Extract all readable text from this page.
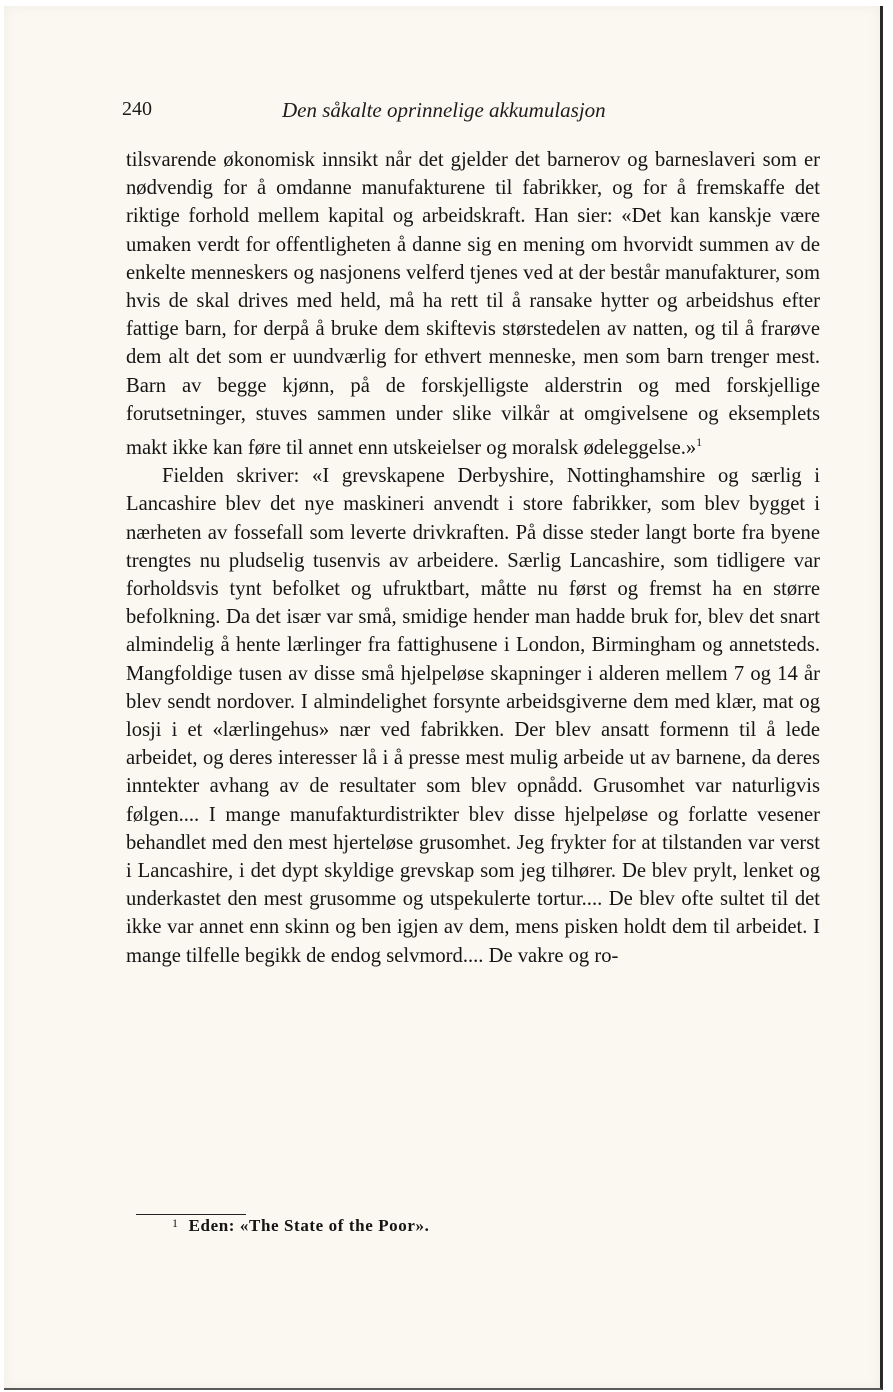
240	Den såkalte oprinnelige akkumulasjon

tilsvarende økonomisk innsikt når det gjelder det barnerov og barneslaveri som er nødvendig for å omdanne manufakturene til fabrikker, og for å fremskaffe det riktige forhold mellem kapital og arbeidskraft. Han sier: «Det kan kanskje være umaken verdt for offentligheten å danne sig en mening om hvorvidt summen av de enkelte menneskers og nasjonens velferd tjenes ved at der består manufakturer, som hvis de skal drives med held, må ha rett til å ransake hytter og arbeidshus efter fattige barn, for derpå å bruke dem skiftevis størstedelen av natten, og til å frarøve dem alt det som er uundværlig for ethvert menneske, men som barn trenger mest. Barn av begge kjønn, på de forskjelligste alderstrin og med forskjellige forutsetninger, stuves sammen under slike vilkår at omgivelsene og eksemplets makt ikke kan føre til annet enn utskeielser og moralsk ødeleggelse.»$^1$

Fielden skriver: «I grevskapene Derbyshire, Nottinghamshire og særlig i Lancashire blev det nye maskineri anvendt i store fabrikker, som blev bygget i nærheten av fossefall som leverte drivkraften. På disse steder langt borte fra byene trengtes nu pludselig tusenvis av arbeidere. Særlig Lancashire, som tidligere var forholdsvis tynt befolket og ufruktbart, måtte nu først og fremst ha en større befolkning. Da det især var små, smidige hender man hadde bruk for, blev det snart almindelig å hente lærlinger fra fattighusene i London, Birmingham og annetsteds. Mangfoldige tusen av disse små hjelpeløse skapninger i alderen mellem 7 og 14 år blev sendt nordover. I almindelighet forsynte arbeidsgiverne dem med klær, mat og losji i et «lærlingehus» nær ved fabrikken. Der blev ansatt formenn til å lede arbeidet, og deres interesser lå i å presse mest mulig arbeide ut av barnene, da deres inntekter avhang av de resultater som blev opnådd. Grusomhet var naturligvis følgen.... I mange manufakturdistrikter blev disse hjelpeløse og forlatte vesener behandlet med den mest hjerteløse grusomhet. Jeg frykter for at tilstanden var verst i Lancashire, i det dypt skyldige grevskap som jeg tilhører. De blev prylt, lenket og underkastet den mest grusomme og utspekulerte tortur.... De blev ofte sultet til det ikke var annet enn skinn og ben igjen av dem, mens pisken holdt dem til arbeidet. I mange tilfelle begikk de endog selvmord.... De vakre og ro-

$^1$ Eden: «The State of the Poor».
